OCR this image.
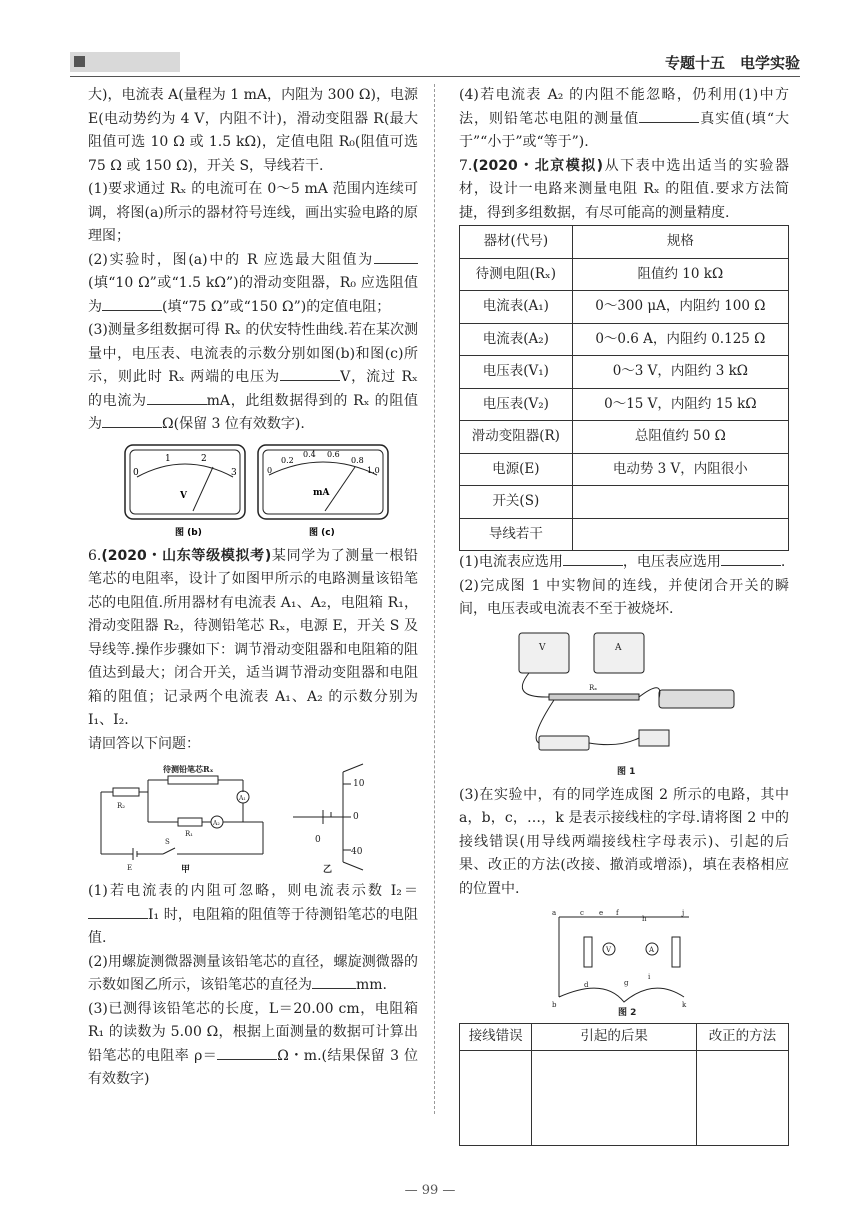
专题十五　电学实验

大)，电流表 A(量程为 1 mA，内阻为 300 Ω)，电源 E(电动势约为 4 V，内阻不计)，滑动变阻器 R(最大阻值可选 10 Ω 或 1.5 kΩ)，定值电阻 R₀(阻值可选 75 Ω 或 150 Ω)，开关 S，导线若干.

(1)要求通过 Rₓ 的电流可在 0～5 mA 范围内连续可调，将图(a)所示的器材符号连线，画出实验电路的原理图；

(2)实验时，图(a)中的 R 应选最大阻值为(填“10 Ω”或“1.5 kΩ”)的滑动变阻器，R₀ 应选阻值为	(填“75 Ω”或“150 Ω”)的定值电阻；

(3)测量多组数据可得 Rₓ 的伏安特性曲线.若在某次测量中，电压表、电流表的示数分别如图(b)和图(c)所示，则此时 Rₓ 两端的电压为	V，流过 Rₓ 的电流为	mA，此组数据得到的 Rₓ 的阻值为	Ω(保留 3 位有效数字).

0
1	2
3
V
图 (b)
0
0.2
0.4 0.6
0.8
1.0
mA
图 (c)

6.(2020・山东等级模拟考)某同学为了测量一根铅笔芯的电阻率，设计了如图甲所示的电路测量该铅笔芯的电阻值.所用器材有电流表 A₁、A₂，电阻箱 R₁，滑动变阻器 R₂，待测铅笔芯 Rₓ，电源 E，开关 S 及导线等.操作步骤如下：调节滑动变阻器和电阻箱的阻值达到最大；闭合开关，适当调节滑动变阻器和电阻箱的阻值；记录两个电流表 A₁、A₂ 的示数分别为 I₁、I₂.

请回答以下问题：

待测铅笔芯Rₓ
A₁
R₁
A₂
R₂
E
S
甲
10
0
0
40
乙

(1)若电流表的内阻可忽略，则电流表示数 I₂＝I₁ 时，电阻箱的阻值等于待测铅笔芯的电阻值.

(2)用螺旋测微器测量该铅笔芯的直径，螺旋测微器的示数如图乙所示，该铅笔芯的直径为	mm.

(3)已测得该铅笔芯的长度，L＝20.00 cm，电阻箱 R₁ 的读数为 5.00 Ω，根据上面测量的数据可计算出铅笔芯的电阻率 ρ＝	Ω・m.(结果保留 3 位有效数字)

(4)若电流表 A₂ 的内阻不能忽略，仍利用(1)中方法，则铅笔芯电阻的测量值	真实值(填“大于”“小于”或“等于”).

7.(2020・北京模拟)从下表中选出适当的实验器材，设计一电路来测量电阻 Rₓ 的阻值.要求方法简捷，得到多组数据，有尽可能高的测量精度.

器材(代号)	规格
待测电阻(Rₓ)	阻值约 10 kΩ
电流表(A₁)	0～300 μA，内阻约 100 Ω
电流表(A₂)	0～0.6 A，内阻约 0.125 Ω
电压表(V₁)	0～3 V，内阻约 3 kΩ
电压表(V₂)	0～15 V，内阻约 15 kΩ
滑动变阻器(R)	总阻值约 50 Ω
电源(E)	电动势 3 V，内阻很小
开关(S)	
导线若干	

(1)电流表应选用	，电压表应选用	.

(2)完成图 1 中实物间的连线，并使闭合开关的瞬间，电压表或电流表不至于被烧坏.

V	A
Rₓ
图 1

(3)在实验中，有的同学连成图 2 所示的电路，其中 a，b，c，…，k 是表示接线柱的字母.请将图 2 中的接线错误(用导线两端接线柱字母表示)、引起的后果、改正的方法(改接、撤消或增添)，填在表格相应的位置中.

V	A
a
b
c
d
e f
g
h
i
j
k
图 2
接线错误	引起的后果	改正的方法

— 99 —
